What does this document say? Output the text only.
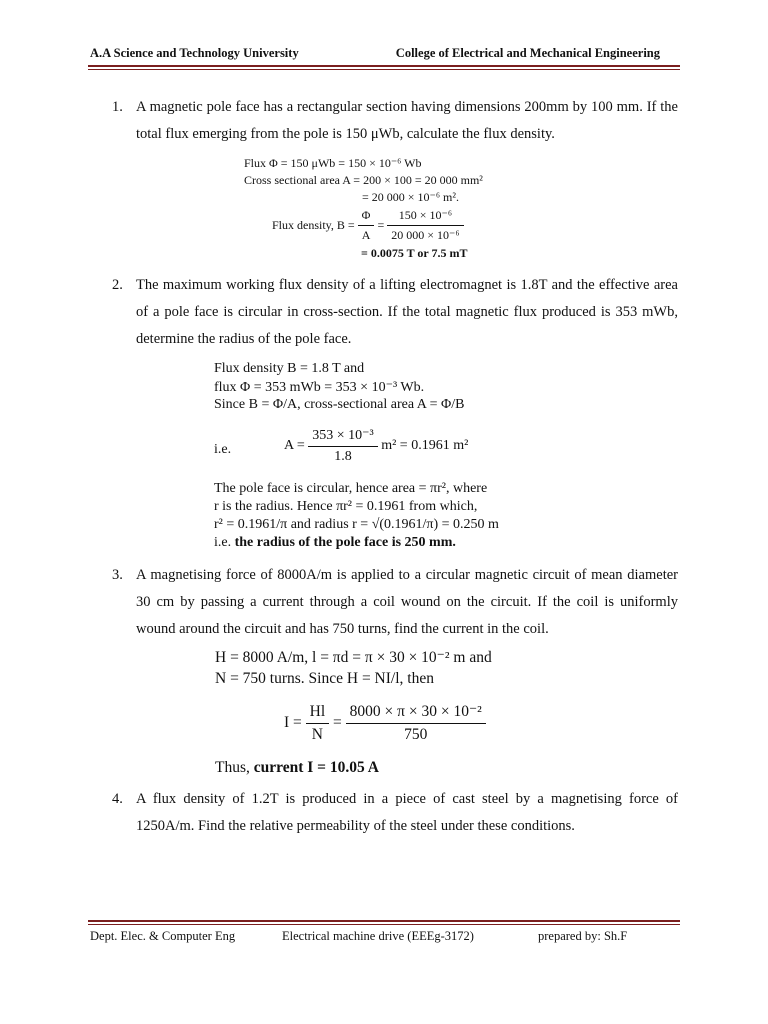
A.A Science and Technology University	College of Electrical and Mechanical Engineering
1. A magnetic pole face has a rectangular section having dimensions 200mm by 100 mm. If the total flux emerging from the pole is 150 μWb, calculate the flux density.
Flux Φ = 150 μWb = 150 × 10⁻⁶ Wb
Cross sectional area A = 200 × 100 = 20 000 mm²
= 20 000 × 10⁻⁶ m².
Flux density, $B = \frac{\Phi}{A} = \frac{\text{150 × 10⁻⁶}}{\text{20 000 × 10⁻⁶}}$
= 0.0075 T or 7.5 mT
2. The maximum working flux density of a lifting electromagnet is 1.8T and the effective area of a pole face is circular in cross-section. If the total magnetic flux produced is 353 mWb, determine the radius of the pole face.
Flux density B = 1.8 T and
flux Φ = 353 mWb = 353 × 10⁻³ Wb.
Since B = Φ/A, cross-sectional area A = Φ/B
i.e.	$A = \frac{\text{353 × 10⁻³}}{1.8} m^2 = 0.1961$ m²
The pole face is circular, hence area = πr², where
r is the radius. Hence πr² = 0.1961 from which,
r² = 0.1961/π and radius r = √(0.1961/π) = 0.250 m
i.e. the radius of the pole face is 250 mm.
3. A magnetising force of 8000A/m is applied to a circular magnetic circuit of mean diameter 30 cm by passing a current through a coil wound on the circuit. If the coil is uniformly wound around the circuit and has 750 turns, find the current in the coil.
H = 8000 A/m, l = πd = π × 30 × 10⁻² m and
N = 750 turns. Since H = NI/l, then
$I = \frac{Hl}{N} = \frac{\text{8000 × π × 30 × 10⁻²}}{750}$
Thus, current I = 10.05 A
4. A flux density of 1.2T is produced in a piece of cast steel by a magnetising force of 1250A/m. Find the relative permeability of the steel under these conditions.
Dept. Elec. & Computer Eng	Electrical machine drive (EEEg-3172)	prepared by: Sh.F
